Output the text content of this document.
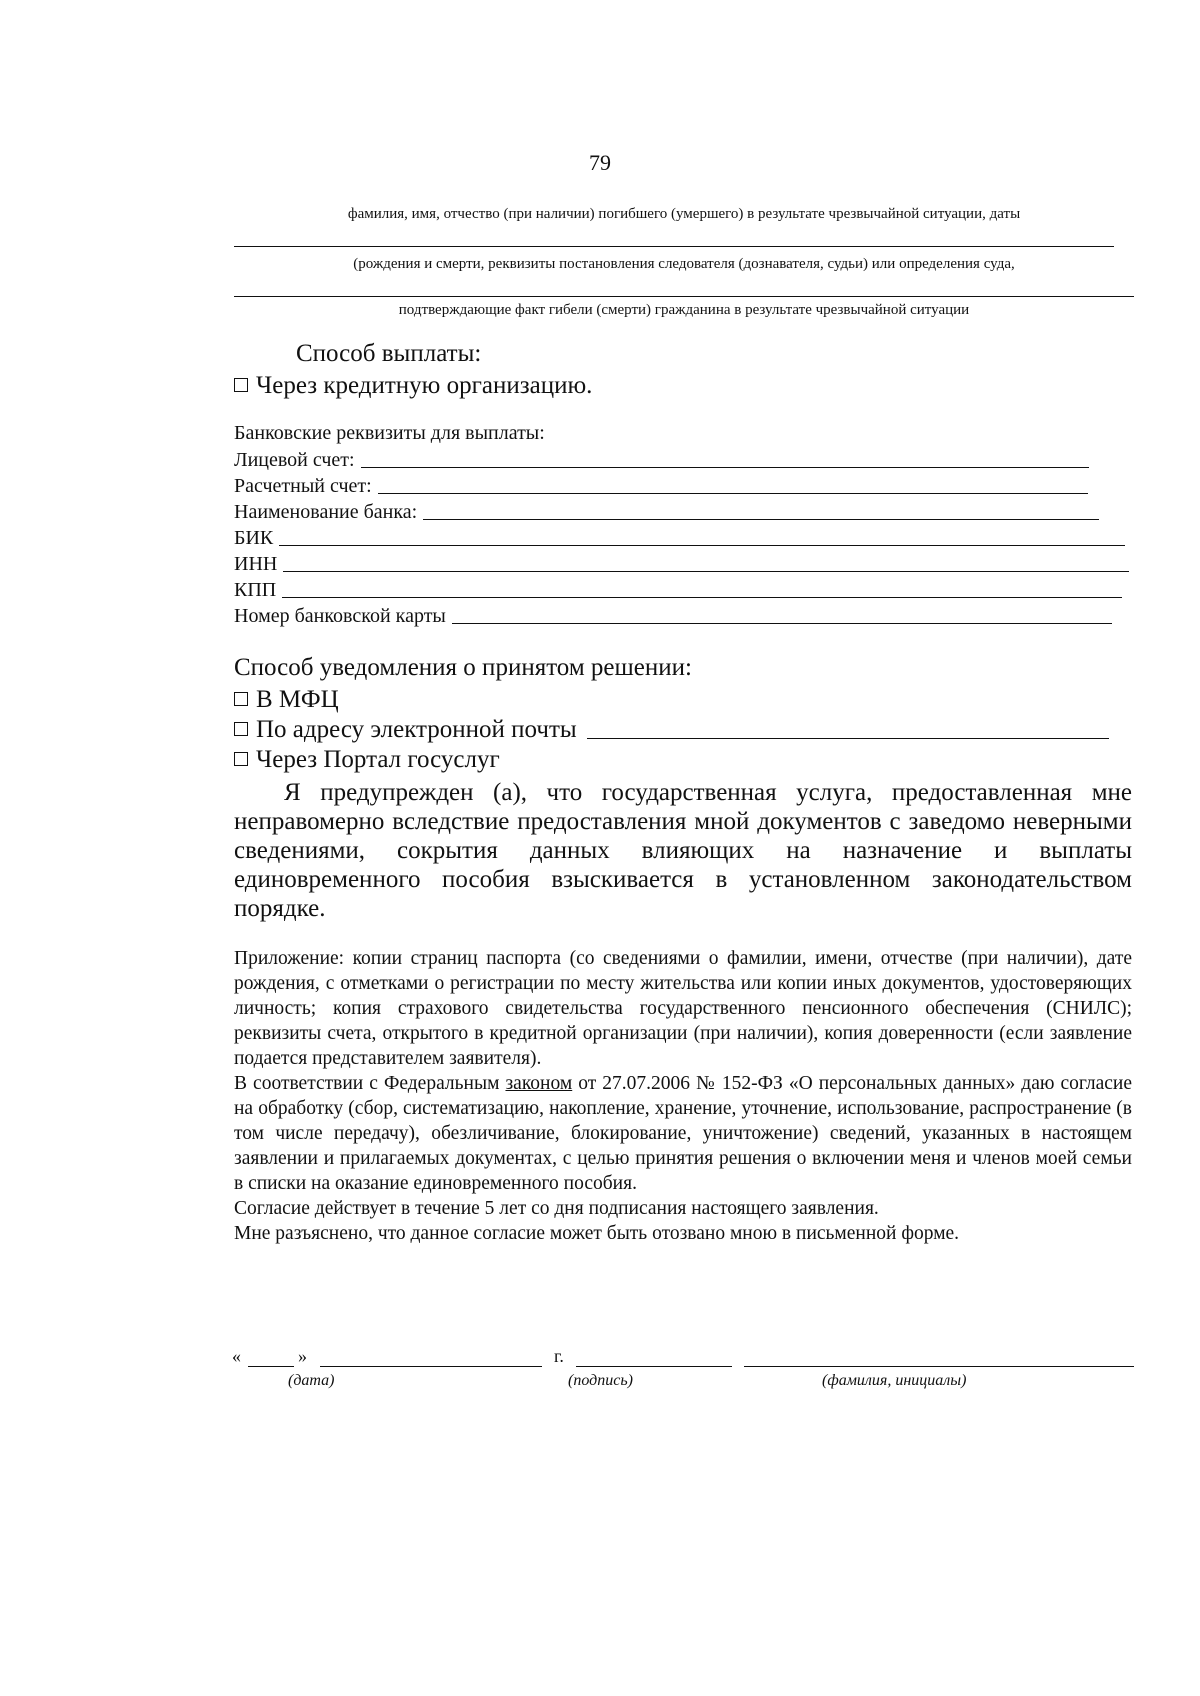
79
фамилия, имя, отчество (при наличии) погибшего (умершего) в результате чрезвычайной ситуации, даты
(рождения и смерти, реквизиты постановления следователя (дознавателя, судьи) или определения суда,
подтверждающие факт гибели (смерти) гражданина в результате чрезвычайной ситуации
Способ выплаты:
Через кредитную организацию.
Банковские реквизиты для выплаты:
Лицевой счет:
Расчетный счет:
Наименование банка:
БИК
ИНН
КПП
Номер банковской карты
Способ уведомления о принятом решении:
В МФЦ
По адресу электронной почты
Через Портал госуслуг
Я предупрежден (а), что государственная услуга, предоставленная мне неправомерно вследствие предоставления мной документов с заведомо неверными сведениями, сокрытия данных влияющих на назначение и выплаты единовременного пособия взыскивается в установленном законодательством порядке.

Приложение: копии страниц паспорта (со сведениями о фамилии, имени, отчестве (при наличии), дате рождения, с отметками о регистрации по месту жительства или копии иных документов, удостоверяющих личность; копия страхового свидетельства государственного пенсионного обеспечения (СНИЛС); реквизиты счета, открытого в кредитной организации (при наличии), копия доверенности (если заявление подается представителем заявителя).

В соответствии с Федеральным законом от 27.07.2006 № 152-ФЗ «О персональных данных» даю согласие на обработку (сбор, систематизацию, накопление, хранение, уточнение, использование, распространение (в том числе передачу), обезличивание, блокирование, уничтожение) сведений, указанных в настоящем заявлении и прилагаемых документах, с целью принятия решения о включении меня и членов моей семьи в списки на оказание единовременного пособия.

Согласие действует в течение 5 лет со дня подписания настоящего заявления.

Мне разъяснено, что данное согласие может быть отозвано мною в письменной форме.

«	»	г.
(дата)	(подпись)	(фамилия, инициалы)
